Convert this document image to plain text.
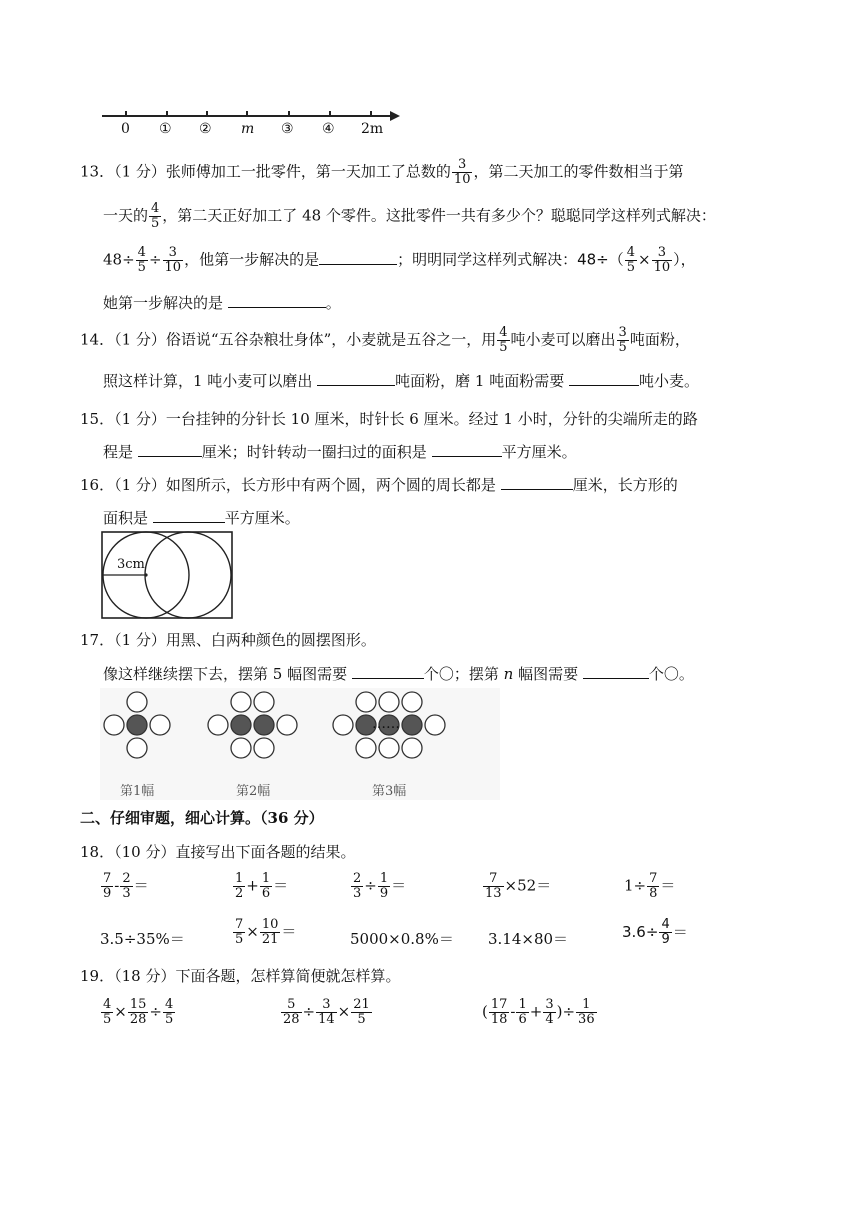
0 ① ② m ③ ④ 2m
13．（1 分）张师傅加工一批零件，第一天加工了总数的 $\frac{3}{10}$ ，第二天加工的零件数相当于第
一天的 $\frac{4}{5}$ ，第二天正好加工了 48 个零件。这批零件一共有多少个？聪聪同学这样列式解决：
$48\div \frac{4}{5} \div \frac{3}{10}$ ，他第一步解决的是	；明明同学这样列式解决：$48\div( \frac{4}{5} \times \frac{3}{10}$ ），
她第一步解决的是	。
14．（1 分）俗语说“五谷杂粮壮身体”，小麦就是五谷之一，用 $\frac{4}{5}$ 吨小麦可以磨出 $\frac{3}{5}$ 吨面粉，
照这样计算，1 吨小麦可以磨出	吨面粉，磨 1 吨面粉需要	吨小麦。
15．（1 分）一台挂钟的分针长 10 厘米，时针长 6 厘米。经过 1 小时，分针的尖端所走的路
程是	厘米；时针转动一圈扫过的面积是	平方厘米。
16．（1 分）如图所示，长方形中有两个圆，两个圆的周长都是	厘米，长方形的
面积是	平方厘米。
3cm
17．（1 分）用黑、白两种颜色的圆摆图形。
像这样继续摆下去，摆第 5 幅图需要	个〇；摆第 n 幅图需要	个〇。
……
第1幅	第2幅	第3幅
二、仔细审题，细心计算。（36 分）
18．（10 分）直接写出下面各题的结果。
$\frac{7}{9} - \frac{2}{3}$ ＝	$\frac{1}{2} + \frac{1}{6}$ ＝	$\frac{2}{3} \div \frac{1}{9}$ ＝	$\frac{7}{13} \times 52=$	$1\div \frac{7}{8}$ ＝
3.5÷35%＝	$\frac{7}{5} \times \frac{10}{21}$ ＝	5000×0.8%＝ 3.14×80＝	$3.6\div \frac{4}{9}$ ＝
19．（18 分）下面各题，怎样算简便就怎样算。
$\frac{4}{5} \times \frac{15}{28} \div \frac{4}{5}$	$\frac{5}{28} \div \frac{3}{14} \times \frac{21}{5}$	( $\frac{17}{18} - \frac{1}{6} + \frac{3}{4}$ )÷ $\frac{1}{36}$
